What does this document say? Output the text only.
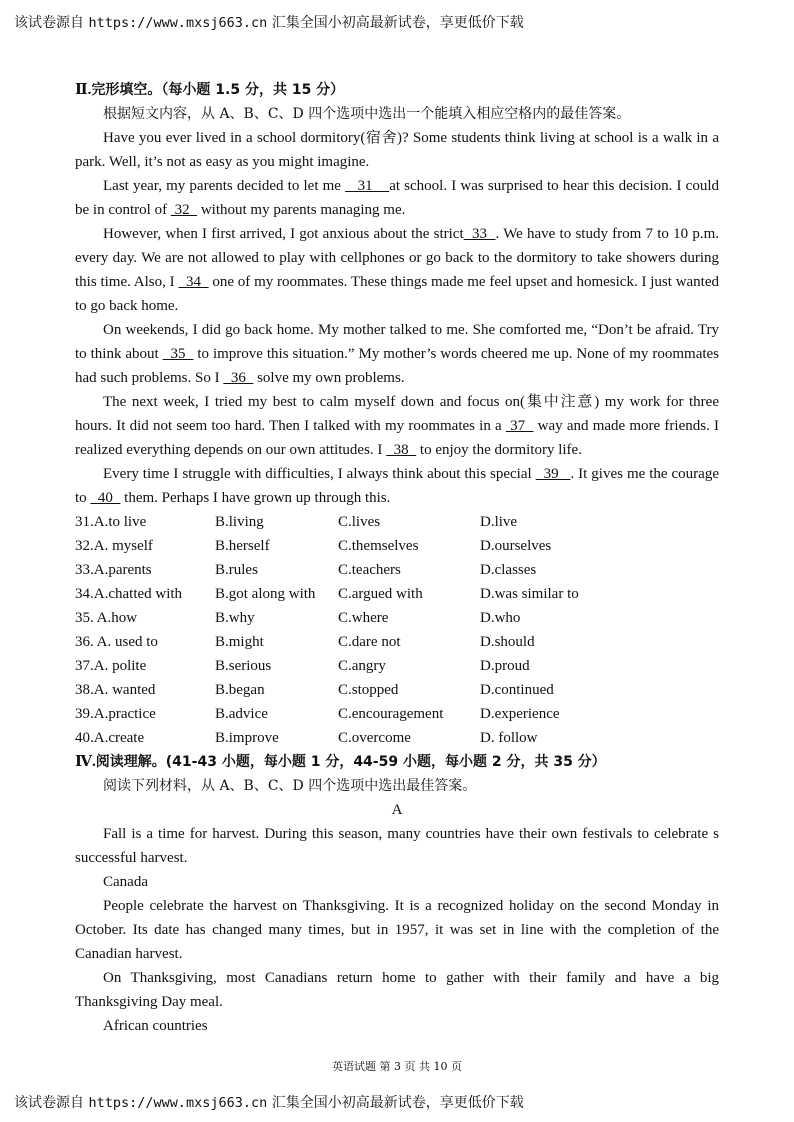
该试卷源自 https://www.mxsj663.cn 汇集全国小初高最新试卷，享更低价下载

Ⅱ.完形填空。（每小题 1.5 分，共 15 分）

根据短文内容，从 A、B、C、D 四个选项中选出一个能填入相应空格内的最佳答案。

Have you ever lived in a school dormitory(宿舍)? Some students think living at school is a walk in a park. Well, it’s not as easy as you might imagine.

Last year, my parents decided to let me    31    at school. I was surprised to hear this decision. I could be in control of  32   without my parents managing me.

However, when I first arrived, I got anxious about the strict  33  . We have to study from 7 to 10 p.m. every day. We are not allowed to play with cellphones or go back to the dormitory to take showers during this time. Also, I   34   one of my roommates. These things made me feel upset and homesick. I just wanted to go back home.

On weekends, I did go back home. My mother talked to me. She comforted me, “Don’t be afraid. Try to think about   35   to improve this situation.” My mother’s words cheered me up. None of my roommates had such problems. So I   36   solve my own problems.

The next week, I tried my best to calm myself down and focus on(集中注意) my work for three hours. It did not seem too hard. Then I talked with my roommates in a  37   way and made more friends. I realized everything depends on our own attitudes. I   38   to enjoy the dormitory life.

Every time I struggle with difficulties, I always think about this special   39   . It gives me the courage to   40   them. Perhaps I have grown up through this.

31.A.to live	B.living	C.lives	D.live
32.A. myself	B.herself	C.themselves	D.ourselves
33.A.parents	B.rules	C.teachers	D.classes
34.A.chatted with	B.got along with	C.argued with	D.was similar to
35. A.how	B.why	C.where	D.who
36. A. used to	B.might	C.dare not	D.should
37.A. polite	B.serious	C.angry	D.proud
38.A. wanted	B.began	C.stopped	D.continued
39.A.practice	B.advice	C.encouragement	D.experience
40.A.create	B.improve	C.overcome	D. follow

Ⅳ.阅读理解。(41-43 小题，每小题 1 分，44-59 小题，每小题 2 分，共 35 分）

阅读下列材料，从 A、B、C、D 四个选项中选出最佳答案。

A

Fall is a time for harvest. During this season, many countries have their own festivals to celebrate s successful harvest.

Canada

People celebrate the harvest on Thanksgiving. It is a recognized holiday on the second Monday in October. Its date has changed many times, but in 1957, it was set in line with the completion of the Canadian harvest.

On Thanksgiving, most Canadians return home to gather with their family and have a big Thanksgiving Day meal.

African countries

英语试题 第 3 页 共 10 页
该试卷源自 https://www.mxsj663.cn 汇集全国小初高最新试卷，享更低价下载
